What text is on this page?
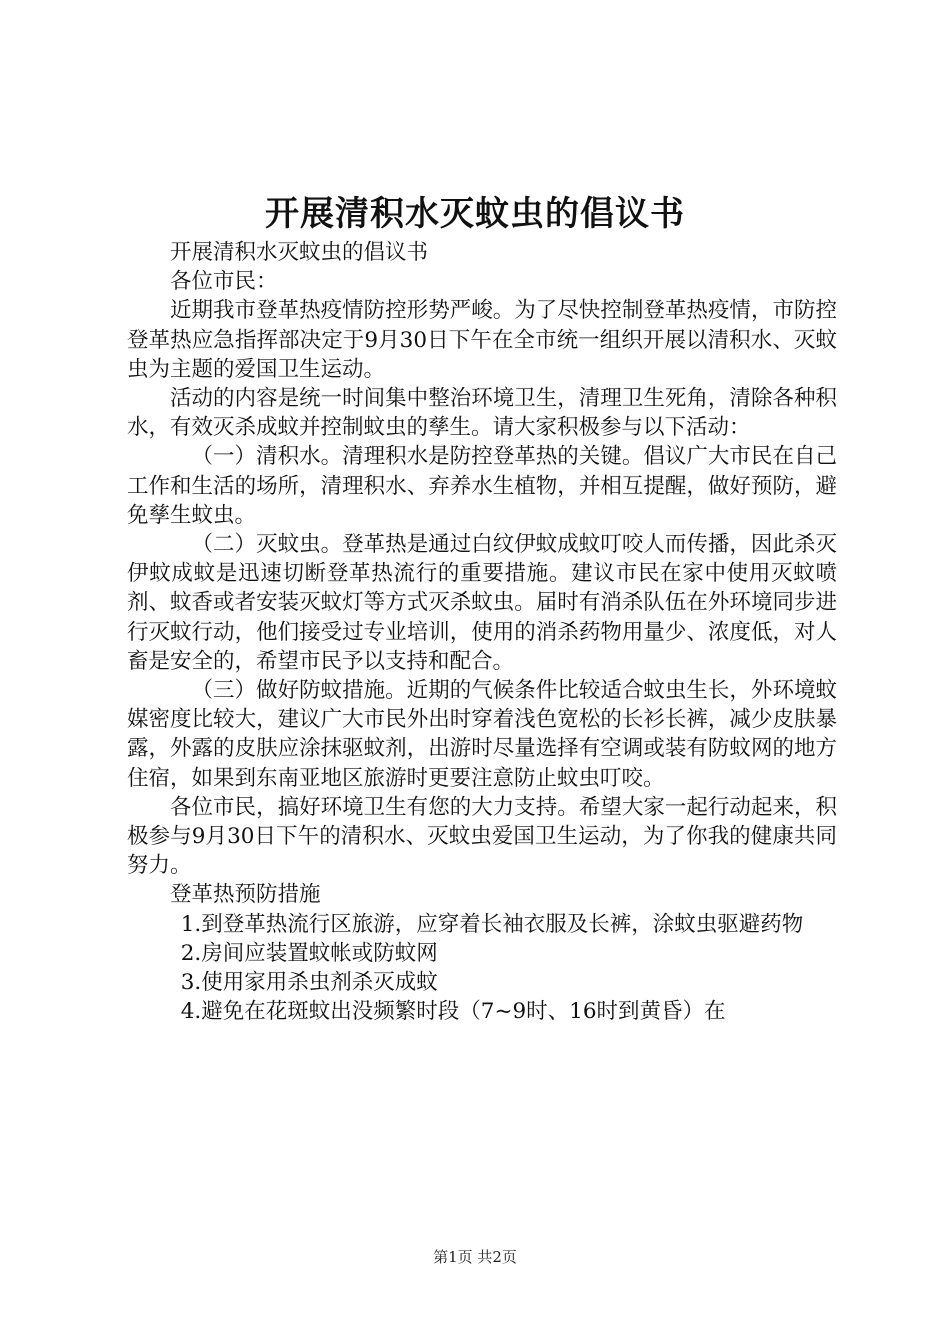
开展清积水灭蚊虫的倡议书

开展清积水灭蚊虫的倡议书

各位市民：

近期我市登革热疫情防控形势严峻。为了尽快控制登革热疫情，市防控登革热应急指挥部决定于9月30日下午在全市统一组织开展以清积水、灭蚊虫为主题的爱国卫生运动。

活动的内容是统一时间集中整治环境卫生，清理卫生死角，清除各种积水，有效灭杀成蚊并控制蚊虫的孳生。请大家积极参与以下活动：

（一）清积水。清理积水是防控登革热的关键。倡议广大市民在自己工作和生活的场所，清理积水、弃养水生植物，并相互提醒，做好预防，避免孳生蚊虫。

（二）灭蚊虫。登革热是通过白纹伊蚊成蚊叮咬人而传播，因此杀灭伊蚊成蚊是迅速切断登革热流行的重要措施。建议市民在家中使用灭蚊喷剂、蚊香或者安装灭蚊灯等方式灭杀蚊虫。届时有消杀队伍在外环境同步进行灭蚊行动，他们接受过专业培训，使用的消杀药物用量少、浓度低，对人畜是安全的，希望市民予以支持和配合。

（三）做好防蚊措施。近期的气候条件比较适合蚊虫生长，外环境蚊媒密度比较大，建议广大市民外出时穿着浅色宽松的长衫长裤，减少皮肤暴露，外露的皮肤应涂抹驱蚊剂，出游时尽量选择有空调或装有防蚊网的地方住宿，如果到东南亚地区旅游时更要注意防止蚊虫叮咬。

各位市民，搞好环境卫生有您的大力支持。希望大家一起行动起来，积极参与9月30日下午的清积水、灭蚊虫爱国卫生运动，为了你我的健康共同努力。

登革热预防措施

1.到登革热流行区旅游，应穿着长袖衣服及长裤，涂蚊虫驱避药物

2.房间应装置蚊帐或防蚊网

3.使用家用杀虫剂杀灭成蚊

4.避免在花斑蚊出没频繁时段（7~9时、16时到黄昏）在

第1页 共2页
